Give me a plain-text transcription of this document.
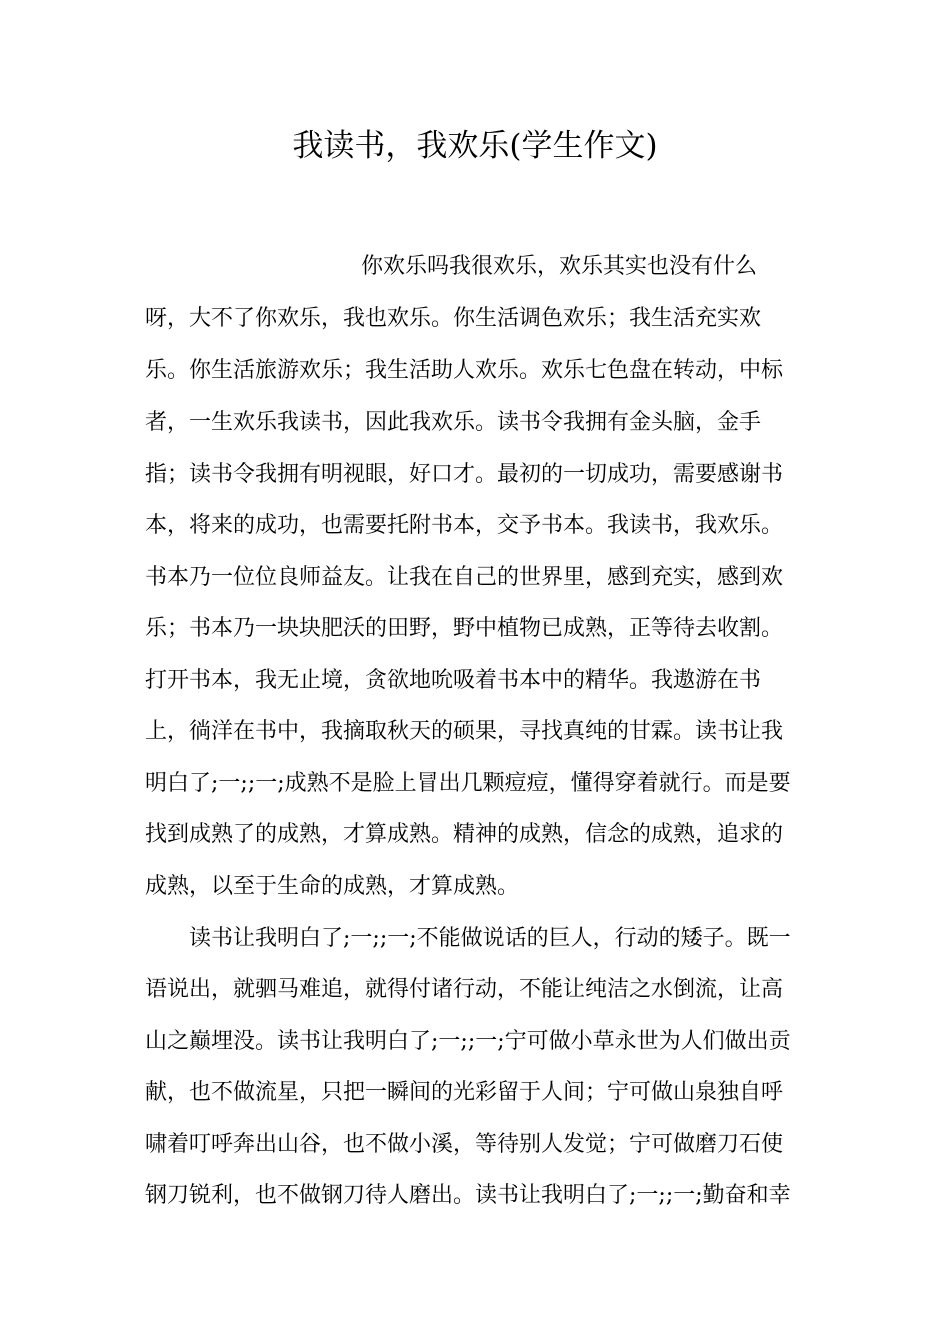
我读书，我欢乐(学生作文)
你欢乐吗我很欢乐，欢乐其实也没有什么
呀，大不了你欢乐，我也欢乐。你生活调色欢乐；我生活充实欢
乐。你生活旅游欢乐；我生活助人欢乐。欢乐七色盘在转动，中标
者，一生欢乐我读书，因此我欢乐。读书令我拥有金头脑，金手
指；读书令我拥有明视眼，好口才。最初的一切成功，需要感谢书
本，将来的成功，也需要托附书本，交予书本。我读书，我欢乐。
书本乃一位位良师益友。让我在自己的世界里，感到充实，感到欢
乐；书本乃一块块肥沃的田野，野中植物已成熟，正等待去收割。
打开书本，我无止境，贪欲地吮吸着书本中的精华。我遨游在书
上，徜洋在书中，我摘取秋天的硕果，寻找真纯的甘霖。读书让我
明白了;一;;一;成熟不是脸上冒出几颗痘痘，懂得穿着就行。而是要
找到成熟了的成熟，才算成熟。精神的成熟，信念的成熟，追求的
成熟，以至于生命的成熟，才算成熟。
读书让我明白了;一;;一;不能做说话的巨人，行动的矮子。既一
语说出，就驷马难追，就得付诸行动，不能让纯洁之水倒流，让高
山之巅埋没。读书让我明白了;一;;一;宁可做小草永世为人们做出贡
献，也不做流星，只把一瞬间的光彩留于人间；宁可做山泉独自呼
啸着叮呼奔出山谷，也不做小溪，等待别人发觉；宁可做磨刀石使
钢刀锐利，也不做钢刀待人磨出。读书让我明白了;一;;一;勤奋和幸
